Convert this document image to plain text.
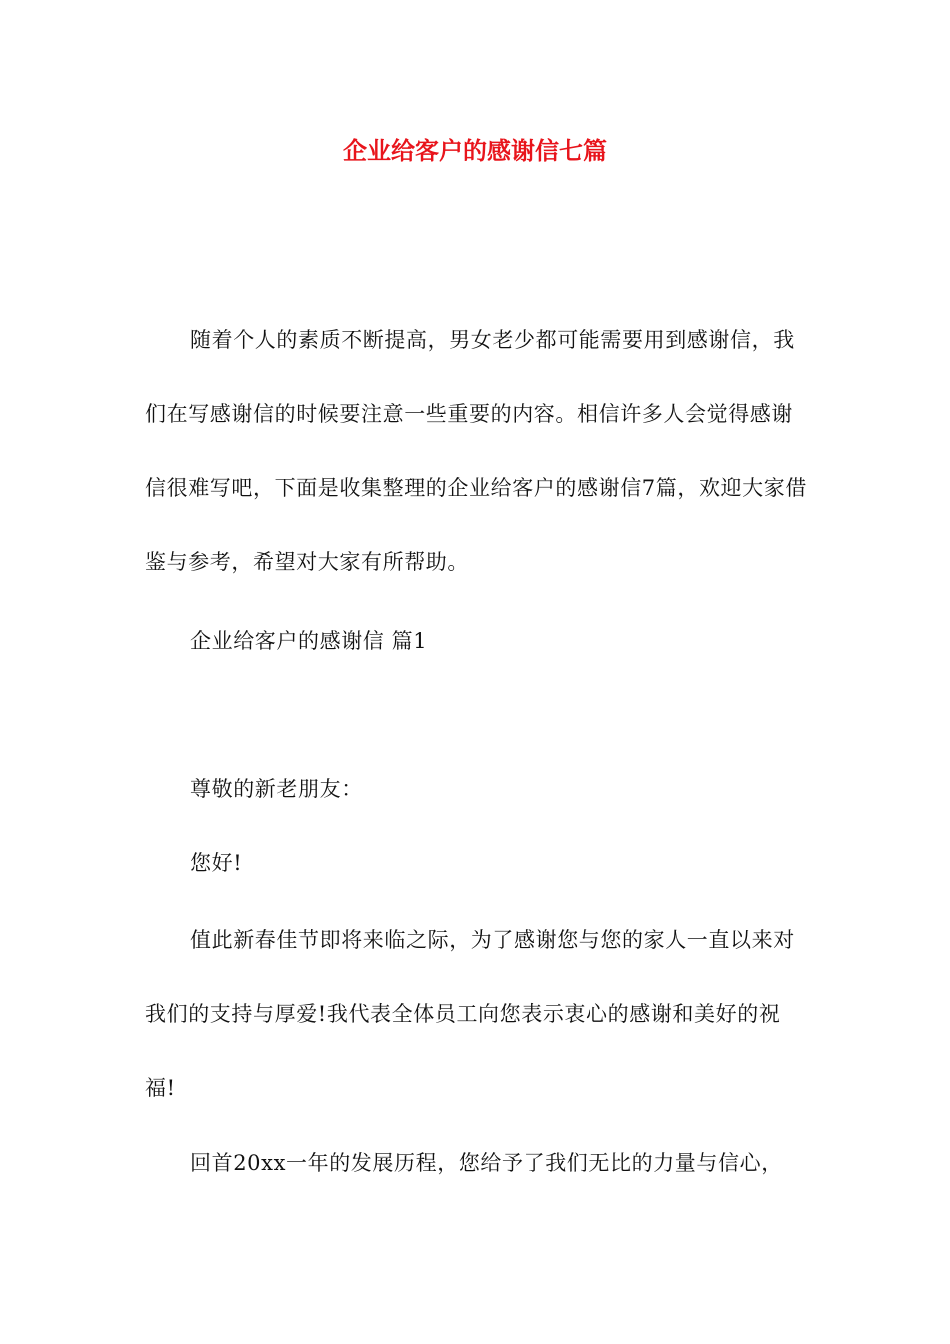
企业给客户的感谢信七篇

随着个人的素质不断提高，男女老少都可能需要用到感谢信，我们在写感谢信的时候要注意一些重要的内容。相信许多人会觉得感谢信很难写吧，下面是收集整理的企业给客户的感谢信7篇，欢迎大家借鉴与参考，希望对大家有所帮助。

企业给客户的感谢信 篇1

尊敬的新老朋友：

您好!

值此新春佳节即将来临之际，为了感谢您与您的家人一直以来对我们的支持与厚爱!我代表全体员工向您表示衷心的感谢和美好的祝福!

回首20xx一年的发展历程，您给予了我们无比的力量与信心，
